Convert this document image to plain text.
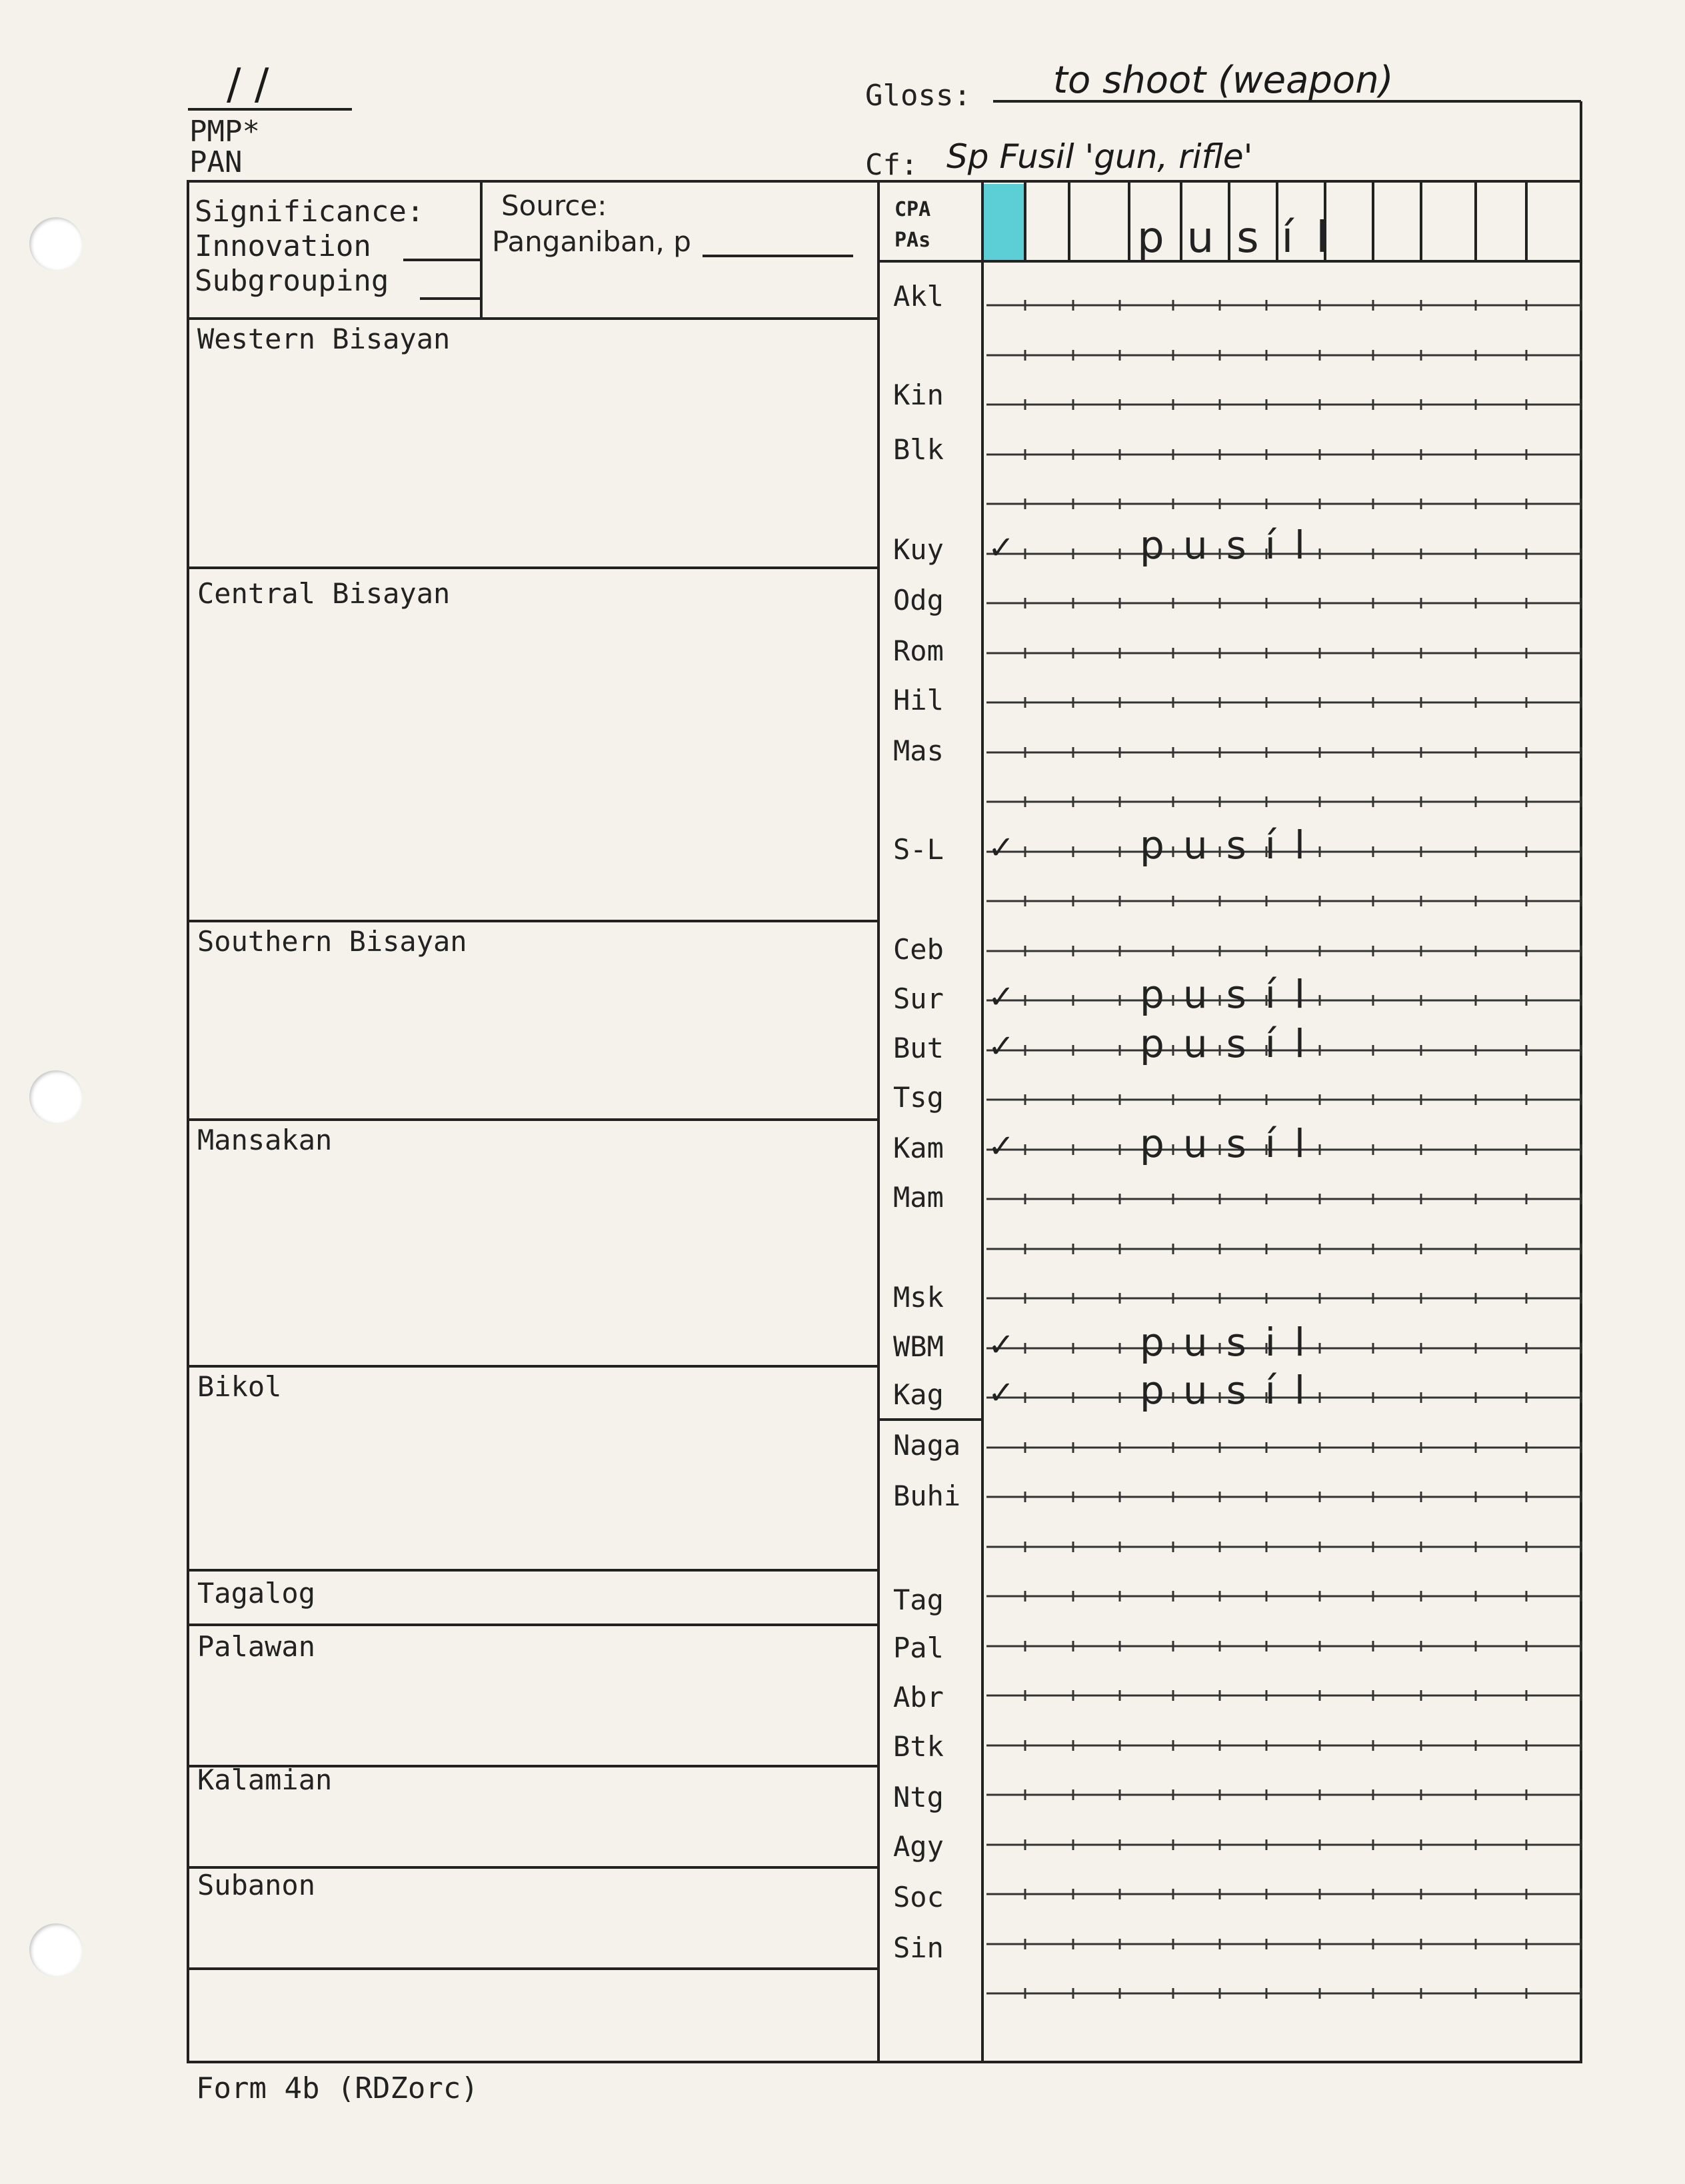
/ /
PMP*
PAN
Gloss: to shoot (weapon)
Cf: Sp Fusil 'gun, rifle'
Significance:
Innovation
Subgrouping
Source:
Panganiban, p
CPA PAs	pusíl
Western Bisayan
Central Bisayan
Southern Bisayan
Mansakan
Bikol
Tagalog
Palawan
Kalamian
Subanon
Akl
Kin
Blk
Kuy ✓	pusíl
Odg
Rom
Hil
Mas
S-L ✓	pusíl
Ceb
Sur ✓	pusíl
But ✓	pusíl
Tsg
Kam ✓	pusíl
Mam
Msk
WBM ✓	pusil
Kag ✓	pusíl
Naga
Buhi
Tag
Pal
Abr
Btk
Ntg
Agy
Soc
Sin
Form 4b (RDZorc)
